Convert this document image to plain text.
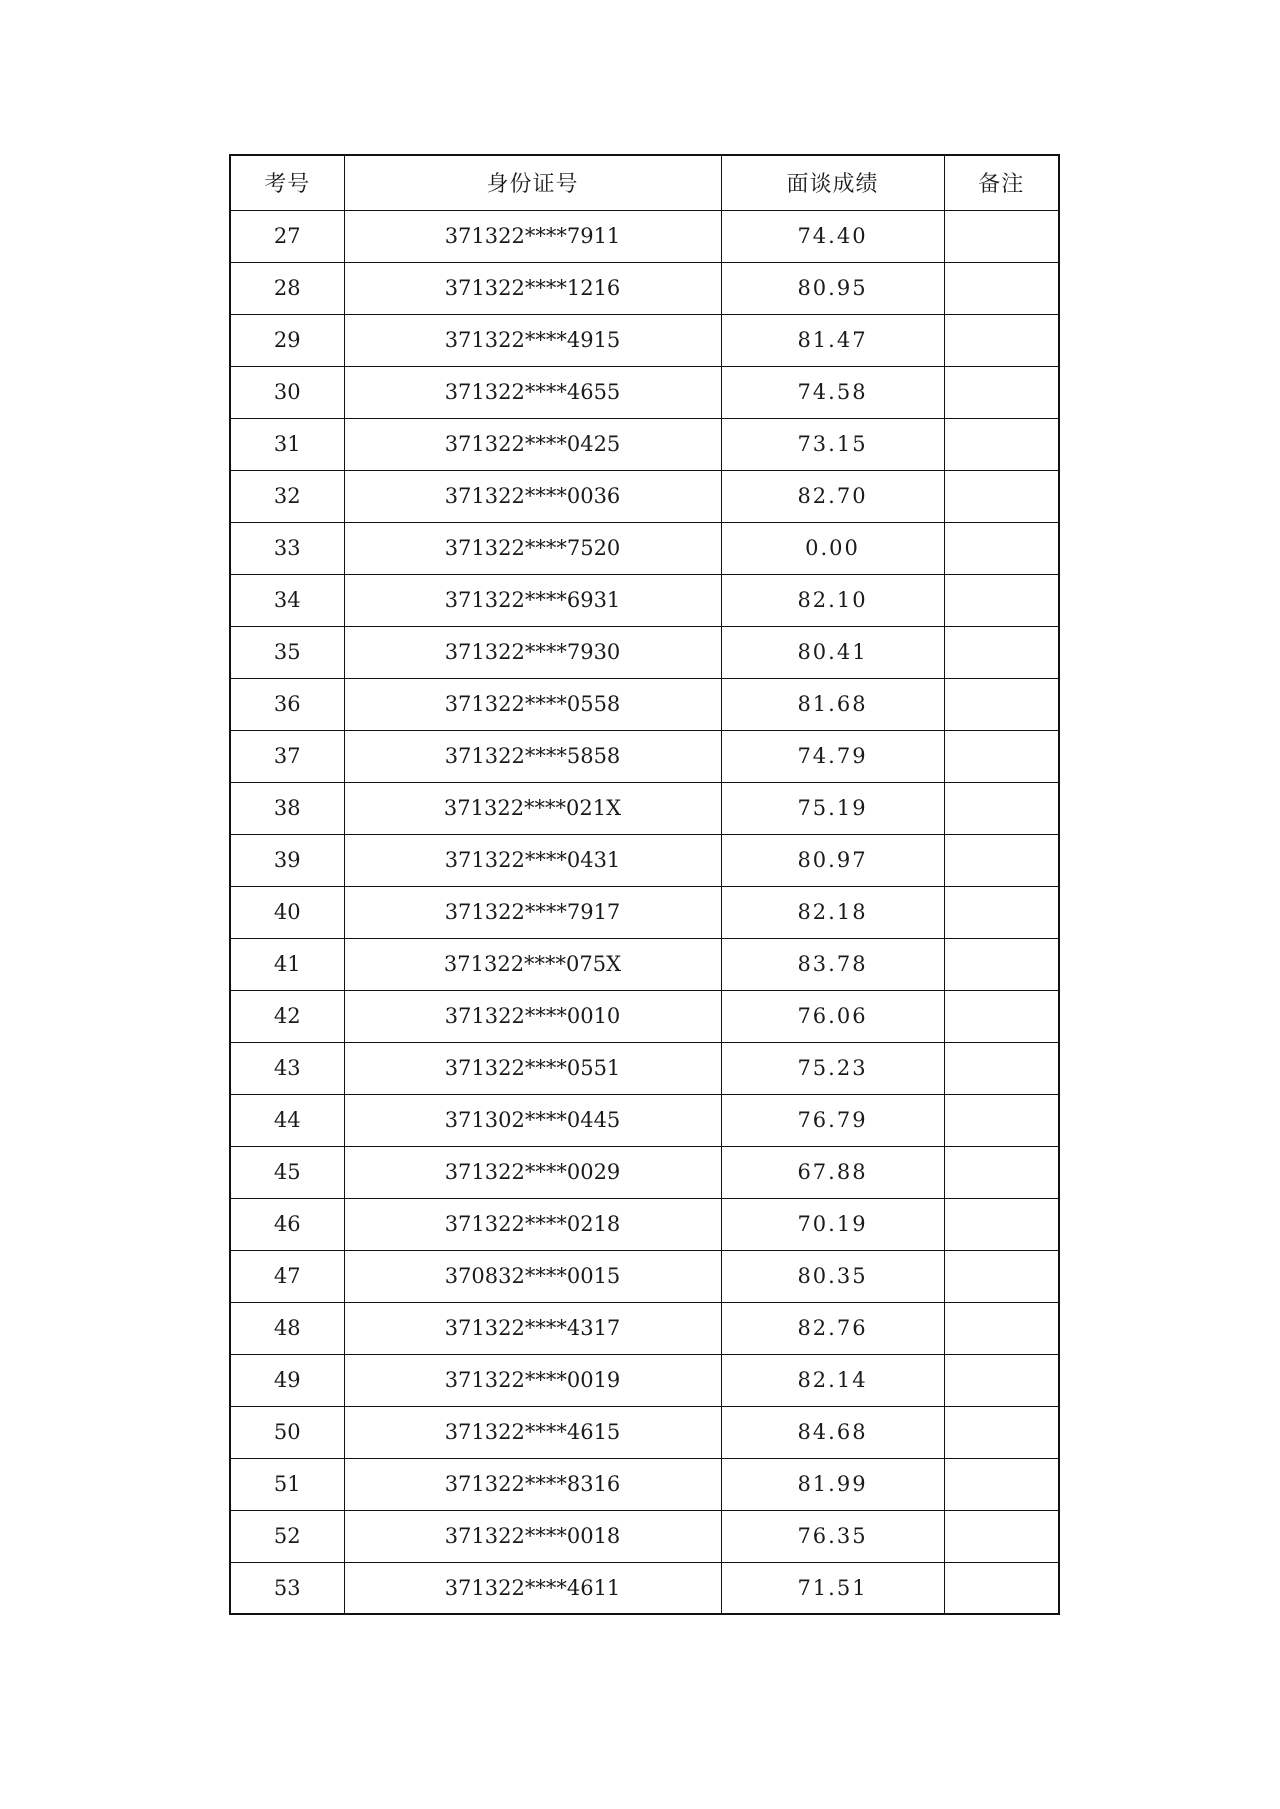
考号	身份证号	面谈成绩	备注
27	371322****7911	74.40	
28	371322****1216	80.95	
29	371322****4915	81.47	
30	371322****4655	74.58	
31	371322****0425	73.15	
32	371322****0036	82.70	
33	371322****7520	0.00	
34	371322****6931	82.10	
35	371322****7930	80.41	
36	371322****0558	81.68	
37	371322****5858	74.79	
38	371322****021X	75.19	
39	371322****0431	80.97	
40	371322****7917	82.18	
41	371322****075X	83.78	
42	371322****0010	76.06	
43	371322****0551	75.23	
44	371302****0445	76.79	
45	371322****0029	67.88	
46	371322****0218	70.19	
47	370832****0015	80.35	
48	371322****4317	82.76	
49	371322****0019	82.14	
50	371322****4615	84.68	
51	371322****8316	81.99	
52	371322****0018	76.35	
53	371322****4611	71.51	
